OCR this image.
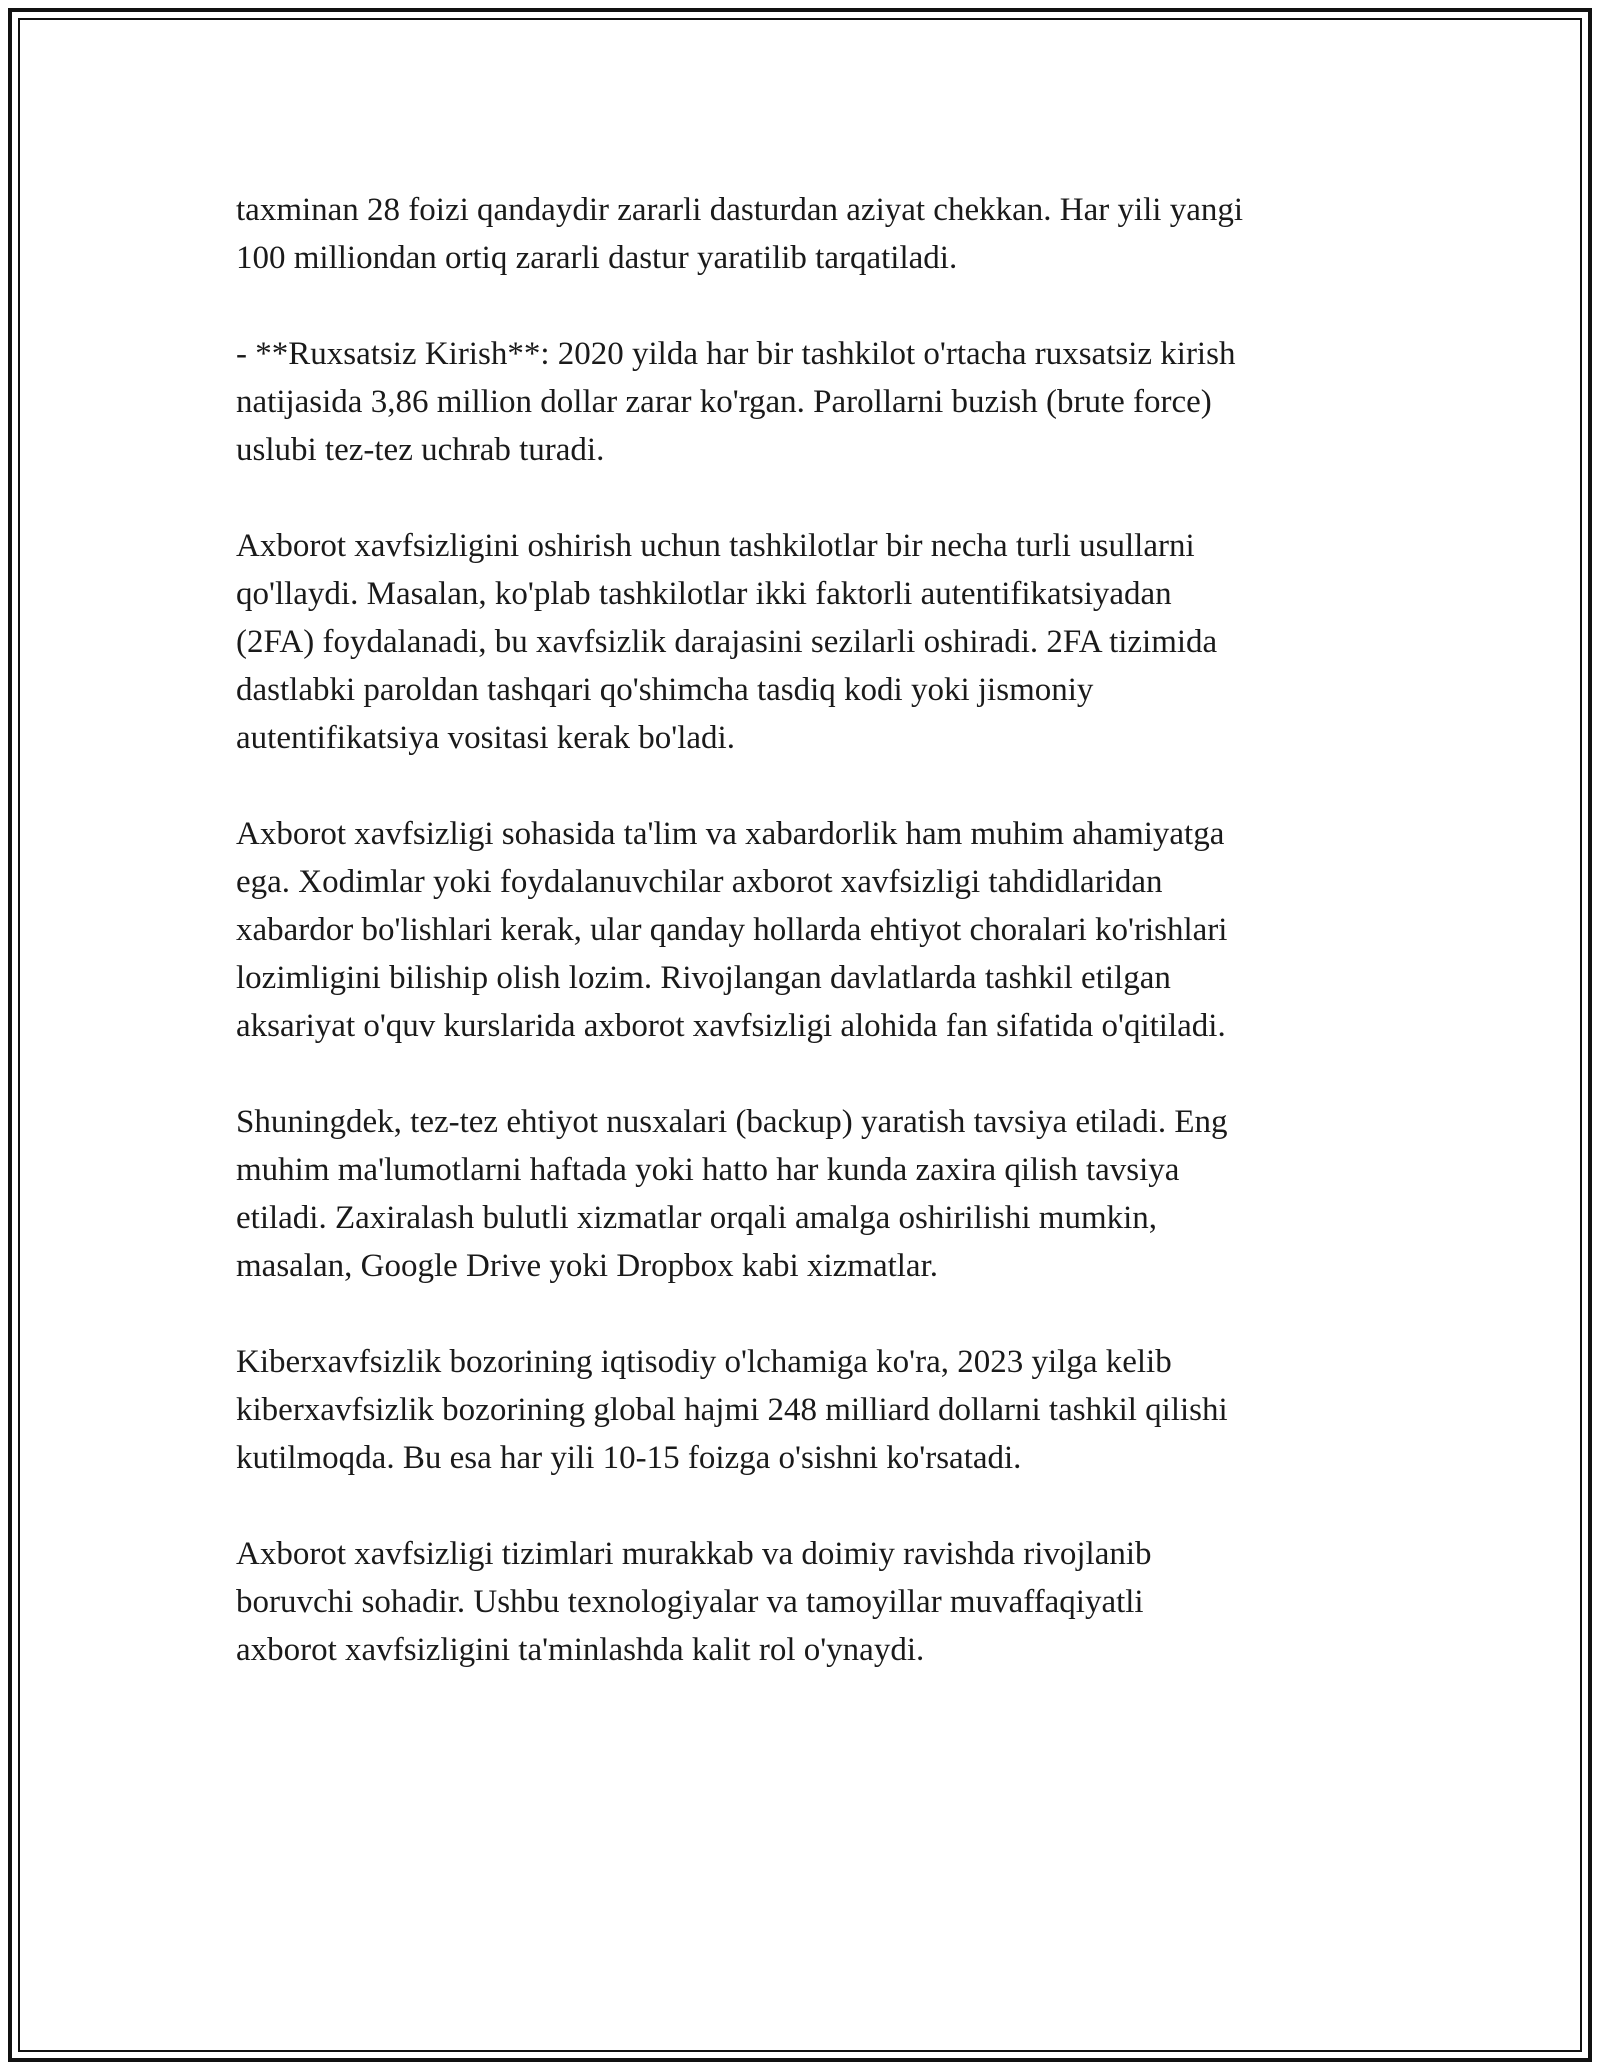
taxminan 28 foizi qandaydir zararli dasturdan aziyat chekkan. Har yili yangi
100 milliondan ortiq zararli dastur yaratilib tarqatiladi.

- **Ruxsatsiz Kirish**: 2020 yilda har bir tashkilot o'rtacha ruxsatsiz kirish
natijasida 3,86 million dollar zarar ko'rgan. Parollarni buzish (brute force)
uslubi tez-tez uchrab turadi.

Axborot xavfsizligini oshirish uchun tashkilotlar bir necha turli usullarni
qo'llaydi. Masalan, ko'plab tashkilotlar ikki faktorli autentifikatsiyadan
(2FA) foydalanadi, bu xavfsizlik darajasini sezilarli oshiradi. 2FA tizimida
dastlabki paroldan tashqari qo'shimcha tasdiq kodi yoki jismoniy
autentifikatsiya vositasi kerak bo'ladi.

Axborot xavfsizligi sohasida ta'lim va xabardorlik ham muhim ahamiyatga
ega. Xodimlar yoki foydalanuvchilar axborot xavfsizligi tahdidlaridan
xabardor bo'lishlari kerak, ular qanday hollarda ehtiyot choralari ko'rishlari
lozimligini biliship olish lozim. Rivojlangan davlatlarda tashkil etilgan
aksariyat o'quv kurslarida axborot xavfsizligi alohida fan sifatida o'qitiladi.

Shuningdek, tez-tez ehtiyot nusxalari (backup) yaratish tavsiya etiladi. Eng
muhim ma'lumotlarni haftada yoki hatto har kunda zaxira qilish tavsiya
etiladi. Zaxiralash bulutli xizmatlar orqali amalga oshirilishi mumkin,
masalan, Google Drive yoki Dropbox kabi xizmatlar.

Kiberxavfsizlik bozorining iqtisodiy o'lchamiga ko'ra, 2023 yilga kelib
kiberxavfsizlik bozorining global hajmi 248 milliard dollarni tashkil qilishi
kutilmoqda. Bu esa har yili 10-15 foizga o'sishni ko'rsatadi.

Axborot xavfsizligi tizimlari murakkab va doimiy ravishda rivojlanib
boruvchi sohadir. Ushbu texnologiyalar va tamoyillar muvaffaqiyatli
axborot xavfsizligini ta'minlashda kalit rol o'ynaydi.
